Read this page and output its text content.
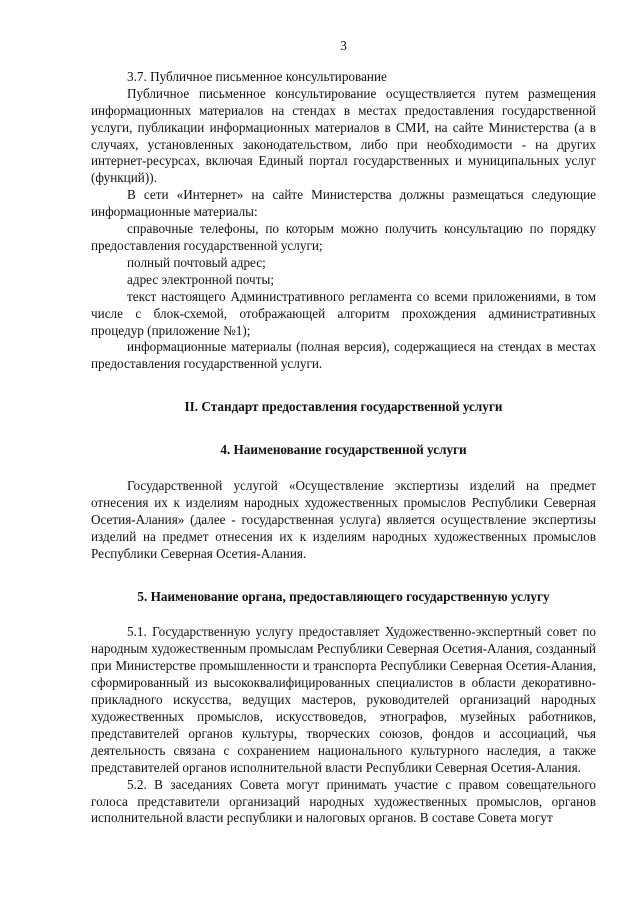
3

3.7. Публичное письменное консультирование

Публичное письменное консультирование осуществляется путем размещения информационных материалов на стендах в местах предоставления государственной услуги, публикации информационных материалов в СМИ, на сайте Министерства (а в случаях, установленных законодательством, либо при необходимости - на других интернет-ресурсах, включая Единый портал государственных и муниципальных услуг (функций)).

В сети «Интернет» на сайте Министерства должны размещаться следующие информационные материалы:

справочные телефоны, по которым можно получить консультацию по порядку предоставления государственной услуги;

полный почтовый адрес;

адрес электронной почты;

текст настоящего Административного регламента со всеми приложениями, в том числе с блок-схемой, отображающей алгоритм прохождения административных процедур (приложение №1);

информационные материалы (полная версия), содержащиеся на стендах в местах предоставления государственной услуги.

II. Стандарт предоставления государственной услуги
4. Наименование государственной услуги

Государственной услугой «Осуществление экспертизы изделий на предмет отнесения их к изделиям народных художественных промыслов Республики Северная Осетия-Алания» (далее - государственная услуга) является осуществление экспертизы изделий на предмет отнесения их к изделиям народных художественных промыслов Республики Северная Осетия-Алания.

5. Наименование органа, предоставляющего государственную услугу

5.1. Государственную услугу предоставляет Художественно-экспертный совет по народным художественным промыслам Республики Северная Осетия-Алания, созданный при Министерстве промышленности и транспорта Республики Северная Осетия-Алания, сформированный из высококвалифицированных специалистов в области декоративно-прикладного искусства, ведущих мастеров, руководителей организаций народных художественных промыслов, искусствоведов, этнографов, музейных работников, представителей органов культуры, творческих союзов, фондов и ассоциаций, чья деятельность связана с сохранением национального культурного наследия, а также представителей органов исполнительной власти Республики Северная Осетия-Алания.

5.2. В заседаниях Совета могут принимать участие с правом совещательного голоса представители организаций народных художественных промыслов, органов исполнительной власти республики и налоговых органов. В составе Совета могут
